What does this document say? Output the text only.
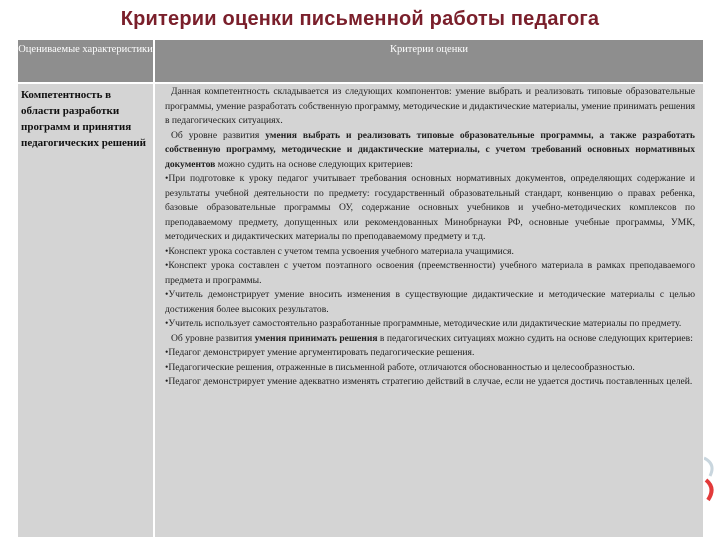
Критерии оценки письменной работы педагога
Оцениваемые характеристики	Критерии оценки
Компетентность в области разработки программ и принятия педагогических решений

Данная компетентность складывается из следующих компонентов: умение выбрать и реализовать типовые образовательные программы, умение разработать собственную программу, методические и дидактические материалы, умение принимать решения в педагогических ситуациях.

Об уровне развития умения выбрать и реализовать типовые образовательные программы, а также разработать собственную программу, методические и дидактические материалы, с учетом требований основных нормативных документов можно судить на основе следующих критериев:

•При подготовке к уроку педагог учитывает требования основных нормативных документов, определяющих содержание и результаты учебной деятельности по предмету: государственный образовательный стандарт, конвенцию о правах ребенка, базовые образовательные программы ОУ, содержание основных учебников и учебно-методических комплексов по преподаваемому предмету, допущенных или рекомендованных Минобрнауки РФ, основные учебные программы, УМК, методических и дидактических материалы по преподаваемому предмету и т.д.

•Конспект урока составлен с учетом темпа усвоения учебного материала учащимися.

•Конспект урока составлен с учетом поэтапного освоения (преемственности) учебного материала в рамках преподаваемого предмета и программы.

•Учитель демонстрирует умение вносить изменения в существующие дидактические и методические материалы с целью достижения более высоких результатов.

•Учитель использует самостоятельно разработанные программные, методические или дидактические материалы по предмету.

Об уровне развития умения принимать решения в педагогических ситуациях можно судить на основе следующих критериев:

•Педагог демонстрирует умение аргументировать педагогические решения.

•Педагогические решения, отраженные в письменной работе, отличаются обоснованностью и целесообразностью.

•Педагог демонстрирует умение адекватно изменять стратегию действий в случае, если не удается достичь поставленных целей.
